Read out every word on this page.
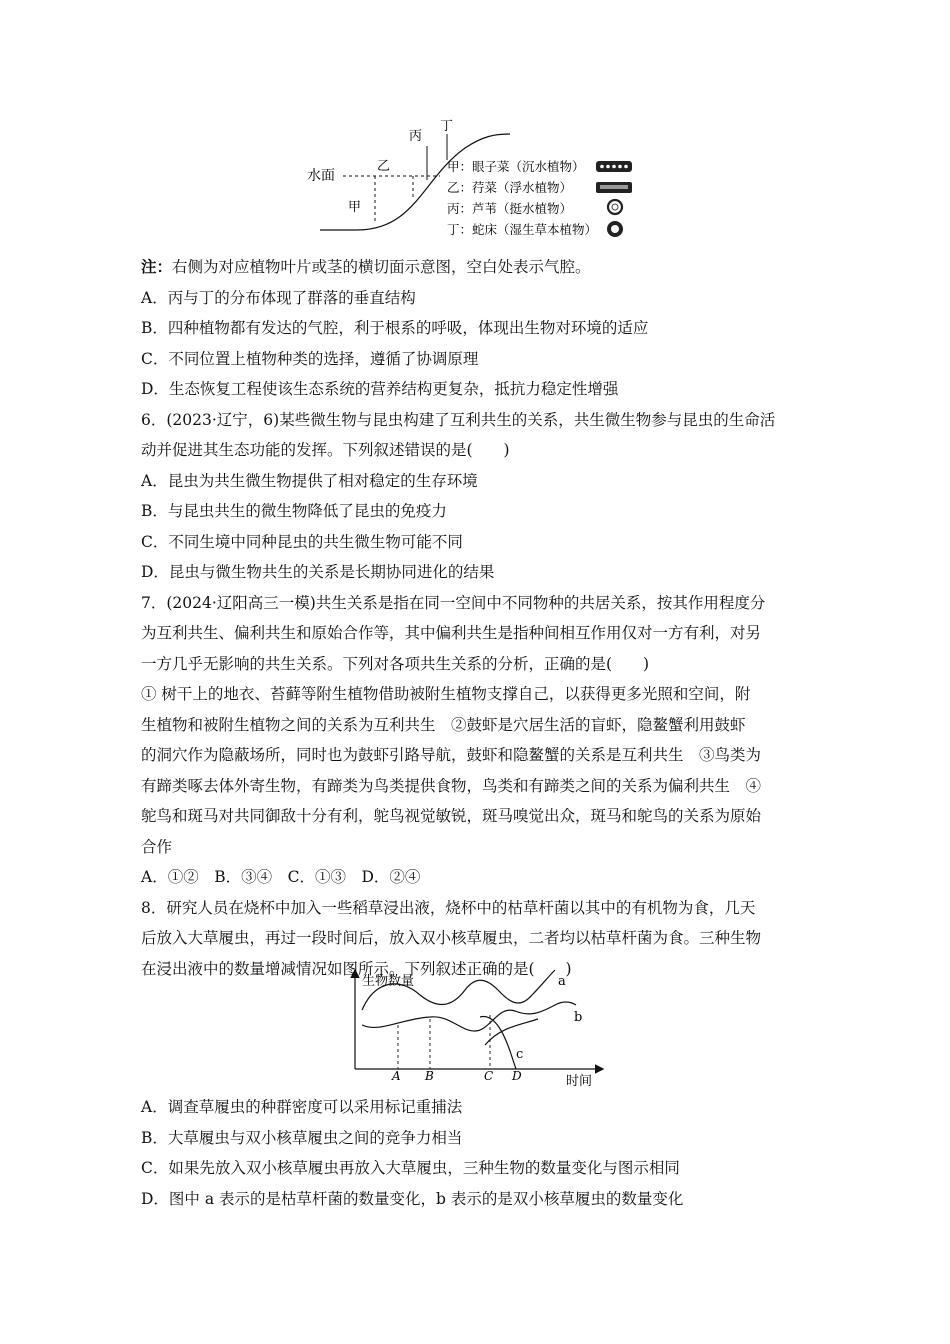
水面
甲
乙
丙
丁
甲：眼子菜（沉水植物）
乙：荇菜（浮水植物）
丙：芦苇（挺水植物）
丁：蛇床（湿生草本植物）

注：右侧为对应植物叶片或茎的横切面示意图，空白处表示气腔。

A．丙与丁的分布体现了群落的垂直结构

B．四种植物都有发达的气腔，利于根系的呼吸，体现出生物对环境的适应

C．不同位置上植物种类的选择，遵循了协调原理

D．生态恢复工程使该生态系统的营养结构更复杂，抵抗力稳定性增强

6．(2023·辽宁，6)某些微生物与昆虫构建了互利共生的关系，共生微生物参与昆虫的生命活

动并促进其生态功能的发挥。下列叙述错误的是(　　)

A．昆虫为共生微生物提供了相对稳定的生存环境

B．与昆虫共生的微生物降低了昆虫的免疫力

C．不同生境中同种昆虫的共生微生物可能不同

D．昆虫与微生物共生的关系是长期协同进化的结果

7．(2024·辽阳高三一模)共生关系是指在同一空间中不同物种的共居关系，按其作用程度分

为互利共生、偏利共生和原始合作等，其中偏利共生是指种间相互作用仅对一方有利，对另

一方几乎无影响的共生关系。下列对各项共生关系的分析，正确的是(　　)

① 树干上的地衣、苔藓等附生植物借助被附生植物支撑自己，以获得更多光照和空间，附

生植物和被附生植物之间的关系为互利共生　②鼓虾是穴居生活的盲虾，隐鳌蟹利用鼓虾

的洞穴作为隐蔽场所，同时也为鼓虾引路导航，鼓虾和隐鳌蟹的关系是互利共生　③鸟类为

有蹄类啄去体外寄生物，有蹄类为鸟类提供食物，鸟类和有蹄类之间的关系为偏利共生　④

鸵鸟和斑马对共同御敌十分有利，鸵鸟视觉敏锐，斑马嗅觉出众，斑马和鸵鸟的关系为原始

合作

A．①②　B．③④　C．①③　D．②④

8．研究人员在烧杯中加入一些稻草浸出液，烧杯中的枯草杆菌以其中的有机物为食，几天

后放入大草履虫，再过一段时间后，放入双小核草履虫，二者均以枯草杆菌为食。三种生物

在浸出液中的数量增减情况如图所示。下列叙述正确的是(　　)

生物数量
时间
A B	C D
a
b
c

A．调查草履虫的种群密度可以采用标记重捕法

B．大草履虫与双小核草履虫之间的竞争力相当

C．如果先放入双小核草履虫再放入大草履虫，三种生物的数量变化与图示相同

D．图中 a 表示的是枯草杆菌的数量变化，b 表示的是双小核草履虫的数量变化
